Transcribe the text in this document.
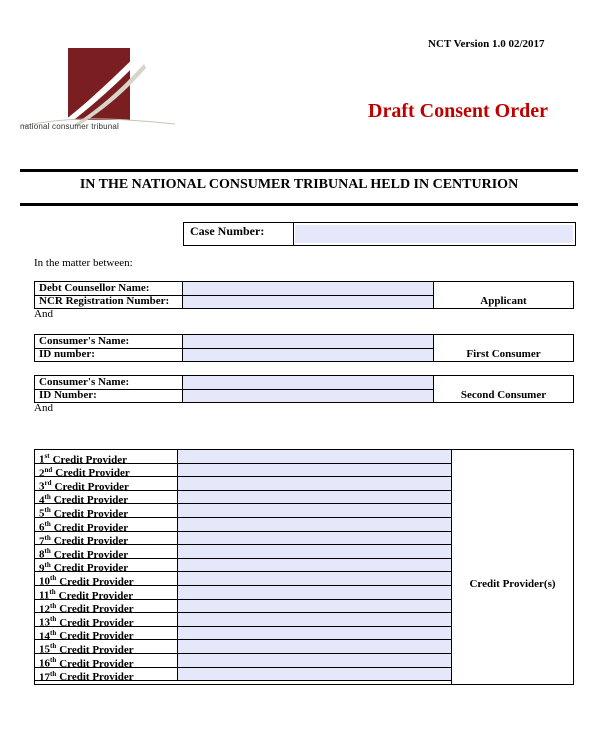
national consumer tribunal
NCT Version 1.0 02/2017
Draft Consent Order
IN THE NATIONAL CONSUMER TRIBUNAL HELD IN CENTURION
Case Number:
In the matter between:
Debt Counsellor Name:
NCR Registration Number:	Applicant
And
Consumer's Name:
ID number:	First Consumer
Consumer's Name:
ID Number:	Second Consumer
And
1st Credit Provider
2nd Credit Provider
3rd Credit Provider
4th Credit Provider
5th Credit Provider
6th Credit Provider
7th Credit Provider
8th Credit Provider
9th Credit Provider
10th Credit Provider
11th Credit Provider
12th Credit Provider
13th Credit Provider
14th Credit Provider
15th Credit Provider
16th Credit Provider
17th Credit Provider
Credit Provider(s)
